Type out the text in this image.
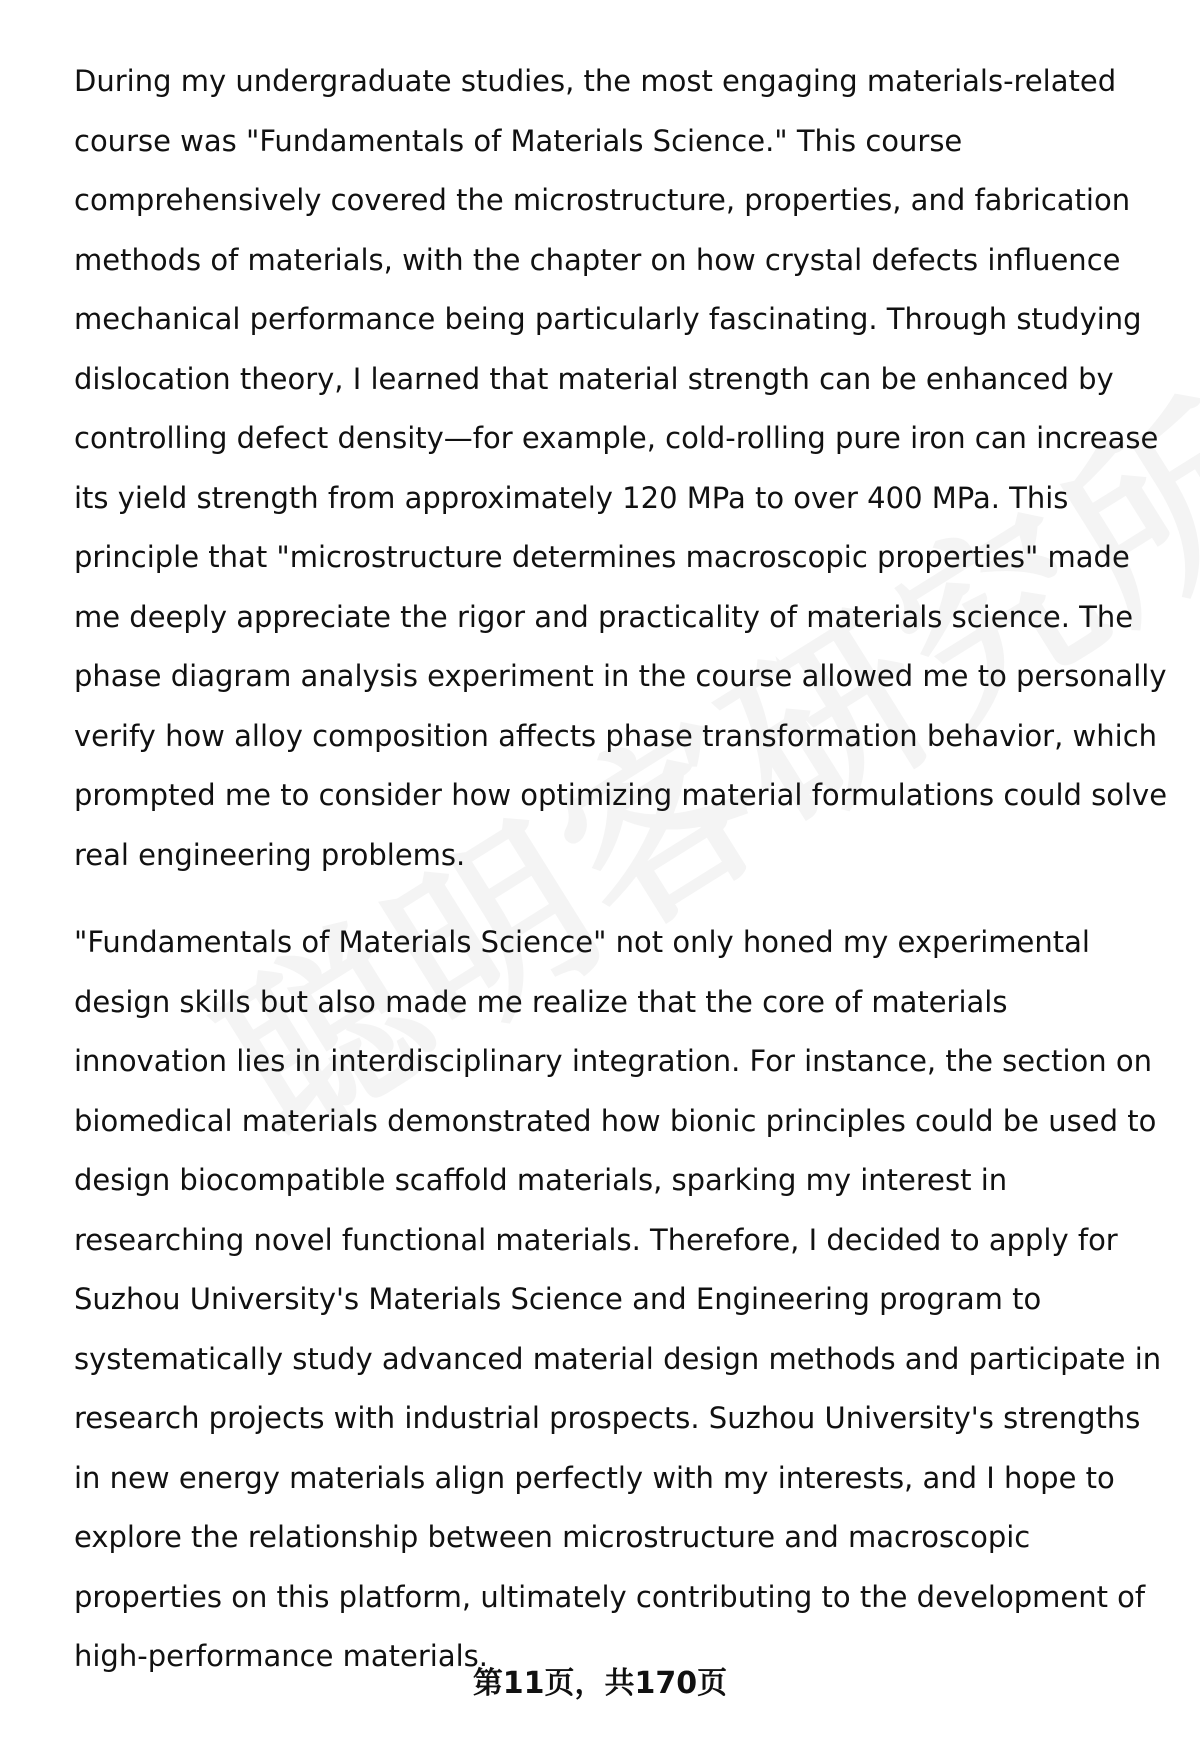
During my undergraduate studies, the most engaging materials-related course was "Fundamentals of Materials Science." This course comprehensively covered the microstructure, properties, and fabrication methods of materials, with the chapter on how crystal defects influence mechanical performance being particularly fascinating. Through studying dislocation theory, I learned that material strength can be enhanced by controlling defect density—for example, cold-rolling pure iron can increase its yield strength from approximately 120 MPa to over 400 MPa. This principle that "microstructure determines macroscopic properties" made me deeply appreciate the rigor and practicality of materials science. The phase diagram analysis experiment in the course allowed me to personally verify how alloy composition affects phase transformation behavior, which prompted me to consider how optimizing material formulations could solve real engineering problems.

"Fundamentals of Materials Science" not only honed my experimental design skills but also made me realize that the core of materials innovation lies in interdisciplinary integration. For instance, the section on biomedical materials demonstrated how bionic principles could be used to design biocompatible scaffold materials, sparking my interest in researching novel functional materials. Therefore, I decided to apply for Suzhou University's Materials Science and Engineering program to systematically study advanced material design methods and participate in research projects with industrial prospects. Suzhou University's strengths in new energy materials align perfectly with my interests, and I hope to explore the relationship between microstructure and macroscopic properties on this platform, ultimately contributing to the development of high-performance materials.

第11页，共170页
